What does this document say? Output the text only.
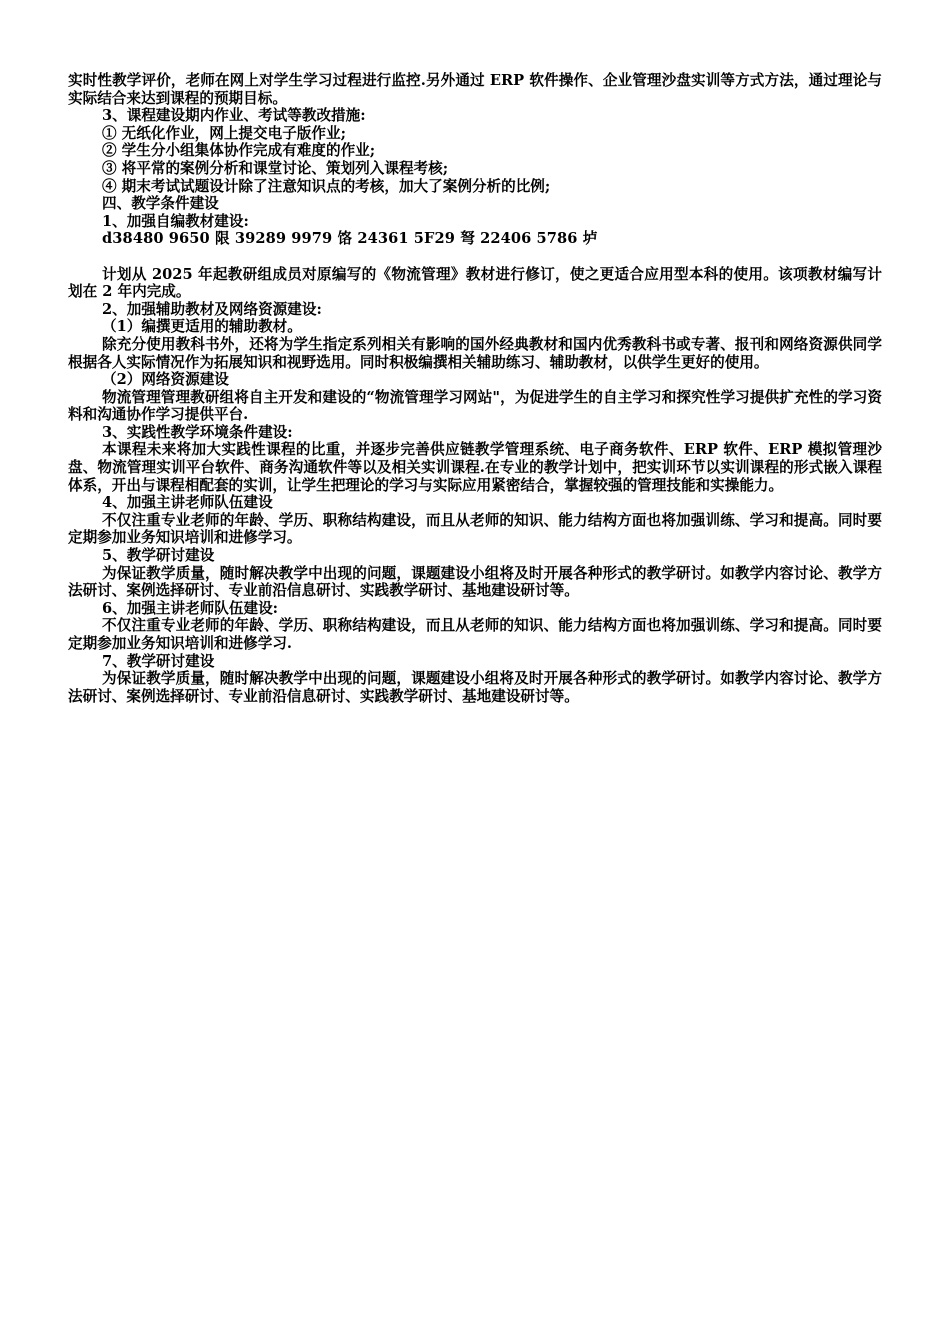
实时性教学评价，老师在网上对学生学习过程进行监控.另外通过 ERP 软件操作、企业管理沙盘实训等方式方法，通过理论与实际结合来达到课程的预期目标。

3、课程建设期内作业、考试等教改措施:

① 无纸化作业，网上提交电子版作业;

② 学生分小组集体协作完成有难度的作业;

③ 将平常的案例分析和课堂讨论、策划列入课程考核;

④ 期末考试试题设计除了注意知识点的考核，加大了案例分析的比例;

四、教学条件建设

1、加强自编教材建设:

d38480 9650 限 39289 9979 饹 24361 5F29 弩 22406 5786 垆

计划从 2025 年起教研组成员对原编写的《物流管理》教材进行修订，使之更适合应用型本科的使用。该项教材编写计划在 2 年内完成。

2、加强辅助教材及网络资源建设:

（1）编撰更适用的辅助教材。

除充分使用教科书外，还将为学生指定系列相关有影响的国外经典教材和国内优秀教科书或专著、报刊和网络资源供同学根据各人实际情况作为拓展知识和视野选用。同时积极编撰相关辅助练习、辅助教材，以供学生更好的使用。

（2）网络资源建设

物流管理管理教研组将自主开发和建设的“物流管理学习网站"，为促进学生的自主学习和探究性学习提供扩充性的学习资料和沟通协作学习提供平台.

3、实践性教学环境条件建设:

本课程未来将加大实践性课程的比重，并逐步完善供应链教学管理系统、电子商务软件、ERP 软件、ERP 模拟管理沙盘、物流管理实训平台软件、商务沟通软件等以及相关实训课程.在专业的教学计划中，把实训环节以实训课程的形式嵌入课程体系，开出与课程相配套的实训，让学生把理论的学习与实际应用紧密结合，掌握较强的管理技能和实操能力。

4、加强主讲老师队伍建设

不仅注重专业老师的年龄、学历、职称结构建设，而且从老师的知识、能力结构方面也将加强训练、学习和提高。同时要定期参加业务知识培训和进修学习。

5、教学研讨建设

为保证教学质量，随时解决教学中出现的问题，课题建设小组将及时开展各种形式的教学研讨。如教学内容讨论、教学方法研讨、案例选择研讨、专业前沿信息研讨、实践教学研讨、基地建设研讨等。

6、加强主讲老师队伍建设:

不仅注重专业老师的年龄、学历、职称结构建设，而且从老师的知识、能力结构方面也将加强训练、学习和提高。同时要定期参加业务知识培训和进修学习.

7、教学研讨建设

为保证教学质量，随时解决教学中出现的问题，课题建设小组将及时开展各种形式的教学研讨。如教学内容讨论、教学方法研讨、案例选择研讨、专业前沿信息研讨、实践教学研讨、基地建设研讨等。
